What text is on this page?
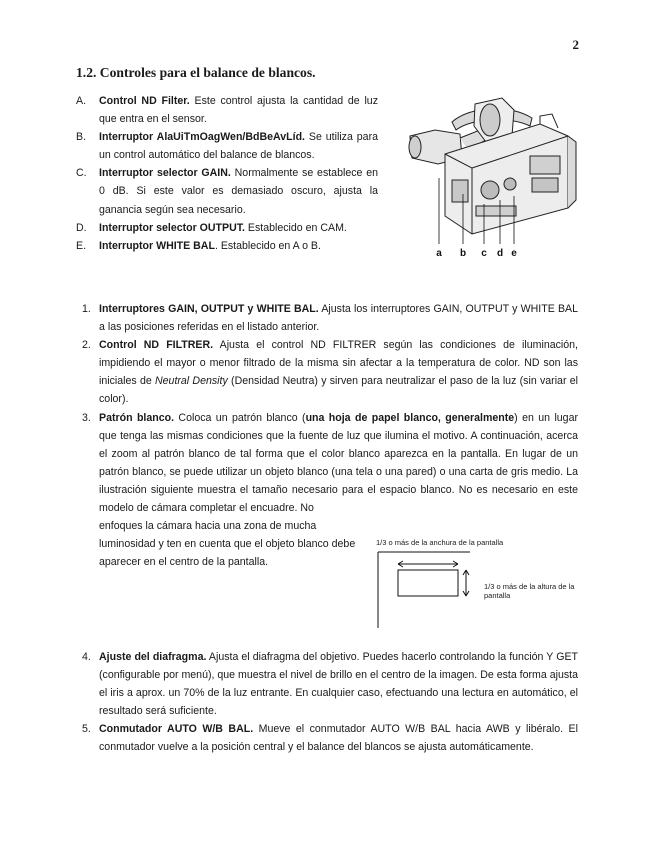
2
1.2. Controles para el balance de blancos.
A. Control ND Filter. Este control ajusta la cantidad de luz que entra en el sensor.
B. Interruptor AlaUiTmOagWen/BdBeAvLíd. Se utiliza para un control automático del balance de blancos.
C. Interruptor selector GAIN. Normalmente se establece en 0 dB. Si este valor es demasiado oscuro, ajusta la ganancia según sea necesario.
D. Interruptor selector OUTPUT. Establecido en CAM.
E. Interruptor WHITE BAL. Establecido en A o B.
a b c d e
1. Interruptores GAIN, OUTPUT y WHITE BAL. Ajusta los interruptores GAIN, OUTPUT y WHITE BAL a las posiciones referidas en el listado anterior.
2. Control ND FILTRER. Ajusta el control ND FILTRER según las condiciones de iluminación, impidiendo el mayor o menor filtrado de la misma sin afectar a la temperatura de color. ND son las iniciales de Neutral Density (Densidad Neutra) y sirven para neutralizar el paso de la luz (sin variar el color).
3. Patrón blanco. Coloca un patrón blanco (una hoja de papel blanco, generalmente) en un lugar que tenga las mismas condiciones que la fuente de luz que ilumina el motivo. A continuación, acerca el zoom al patrón blanco de tal forma que el color blanco aparezca en la pantalla. En lugar de un patrón blanco, se puede utilizar un objeto blanco (una tela o una pared) o una carta de gris medio. La ilustración siguiente muestra el tamaño necesario para el espacio blanco. No es necesario en este modelo de cámara completar el encuadre. No
enfoques la cámara hacia una zona de mucha luminosidad y ten en cuenta que el objeto blanco debe aparecer en el centro de la pantalla.
1/3 o más de la anchura de la pantalla
1/3 o más de la altura de la pantalla
4. Ajuste del diafragma. Ajusta el diafragma del objetivo. Puedes hacerlo controlando la función Y GET (configurable por menú), que muestra el nivel de brillo en el centro de la imagen. De esta forma ajusta el iris a aprox. un 70% de la luz entrante. En cualquier caso, efectuando una lectura en automático, el resultado será suficiente.
5. Conmutador AUTO W/B BAL. Mueve el conmutador AUTO W/B BAL hacia AWB y libéralo. El conmutador vuelve a la posición central y el balance del blancos se ajusta automáticamente.
